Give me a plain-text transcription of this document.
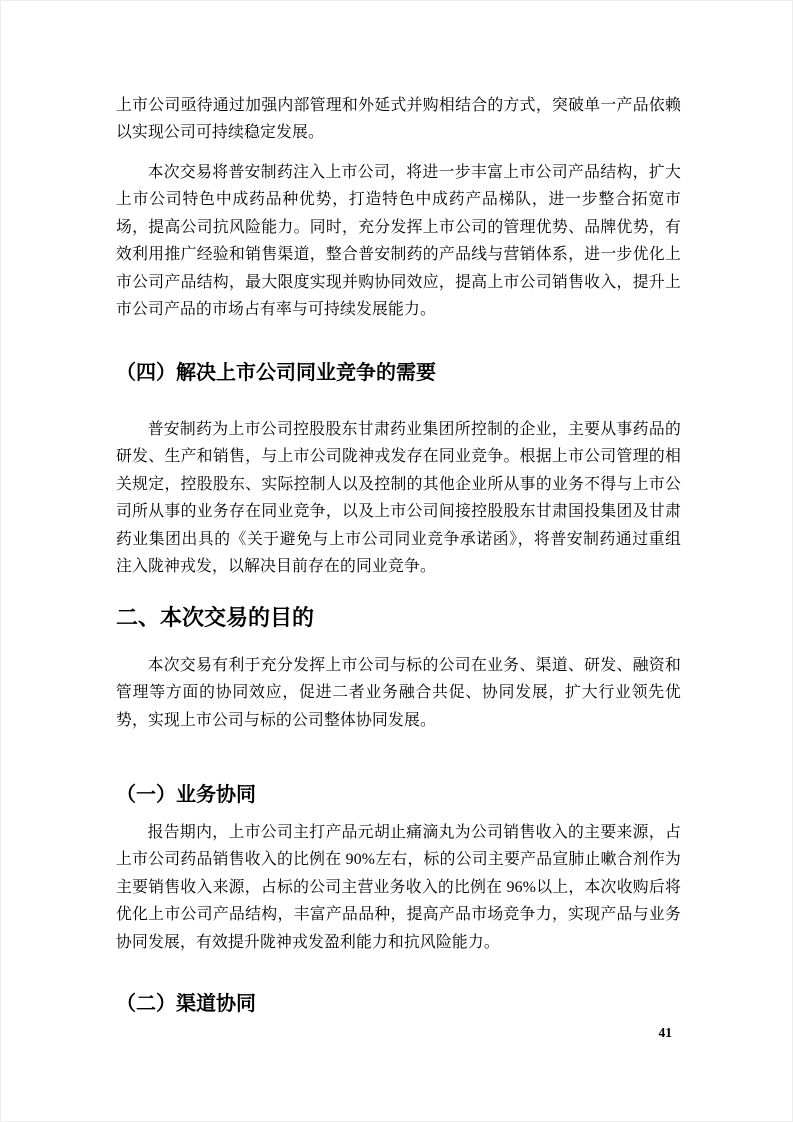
上市公司亟待通过加强内部管理和外延式并购相结合的方式，突破单一产品依赖以实现公司可持续稳定发展。

本次交易将普安制药注入上市公司，将进一步丰富上市公司产品结构，扩大上市公司特色中成药品种优势，打造特色中成药产品梯队，进一步整合拓宽市场，提高公司抗风险能力。同时，充分发挥上市公司的管理优势、品牌优势，有效利用推广经验和销售渠道，整合普安制药的产品线与营销体系，进一步优化上市公司产品结构，最大限度实现并购协同效应，提高上市公司销售收入，提升上市公司产品的市场占有率与可持续发展能力。

（四）解决上市公司同业竞争的需要

普安制药为上市公司控股股东甘肃药业集团所控制的企业，主要从事药品的研发、生产和销售，与上市公司陇神戎发存在同业竞争。根据上市公司管理的相关规定，控股股东、实际控制人以及控制的其他企业所从事的业务不得与上市公司所从事的业务存在同业竞争，以及上市公司间接控股股东甘肃国投集团及甘肃药业集团出具的《关于避免与上市公司同业竞争承诺函》，将普安制药通过重组注入陇神戎发，以解决目前存在的同业竞争。

二、本次交易的目的

本次交易有利于充分发挥上市公司与标的公司在业务、渠道、研发、融资和管理等方面的协同效应，促进二者业务融合共促、协同发展，扩大行业领先优势，实现上市公司与标的公司整体协同发展。

（一）业务协同

报告期内，上市公司主打产品元胡止痛滴丸为公司销售收入的主要来源，占上市公司药品销售收入的比例在 90%左右，标的公司主要产品宣肺止嗽合剂作为主要销售收入来源，占标的公司主营业务收入的比例在 96%以上，本次收购后将优化上市公司产品结构，丰富产品品种，提高产品市场竞争力，实现产品与业务协同发展，有效提升陇神戎发盈利能力和抗风险能力。

（二）渠道协同
41
